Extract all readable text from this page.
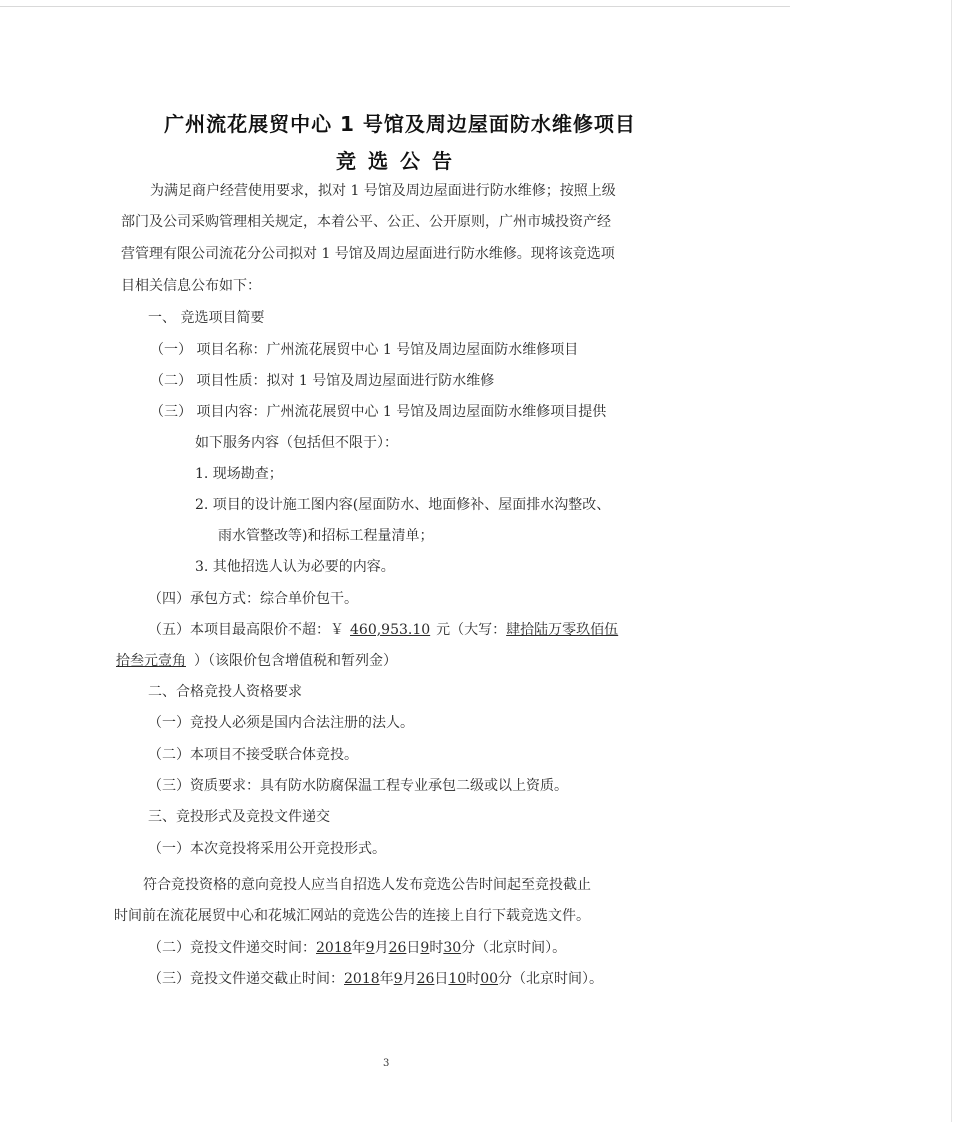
广州流花展贸中心 1 号馆及周边屋面防水维修项目
竞选公告
为满足商户经营使用要求，拟对 1 号馆及周边屋面进行防水维修；按照上级
部门及公司采购管理相关规定，本着公平、公正、公开原则，广州市城投资产经
营管理有限公司流花分公司拟对 1 号馆及周边屋面进行防水维修。现将该竞选项
目相关信息公布如下：
一、 竞选项目简要
（一） 项目名称：广州流花展贸中心 1 号馆及周边屋面防水维修项目
（二） 项目性质：拟对 1 号馆及周边屋面进行防水维修
（三） 项目内容：广州流花展贸中心 1 号馆及周边屋面防水维修项目提供
如下服务内容（包括但不限于）：
1. 现场勘查；
2. 项目的设计施工图内容(屋面防水、地面修补、屋面排水沟整改、
雨水管整改等)和招标工程量清单；
3. 其他招选人认为必要的内容。
（四）承包方式：综合单价包干。
（五）本项目最高限价不超：￥ 460,953.10 元（大写：肆拾陆万零玖佰伍
拾叁元壹角 ）（该限价包含增值税和暂列金）
二、合格竞投人资格要求
（一）竞投人必须是国内合法注册的法人。
（二）本项目不接受联合体竞投。
（三）资质要求：具有防水防腐保温工程专业承包二级或以上资质。
三、竞投形式及竞投文件递交
（一）本次竞投将采用公开竞投形式。
符合竞投资格的意向竞投人应当自招选人发布竞选公告时间起至竞投截止
时间前在流花展贸中心和花城汇网站的竞选公告的连接上自行下载竞选文件。
（二）竞投文件递交时间：2018年9月26日9时30分（北京时间）。
（三）竞投文件递交截止时间：2018年9月26日10时00分（北京时间）。
3
